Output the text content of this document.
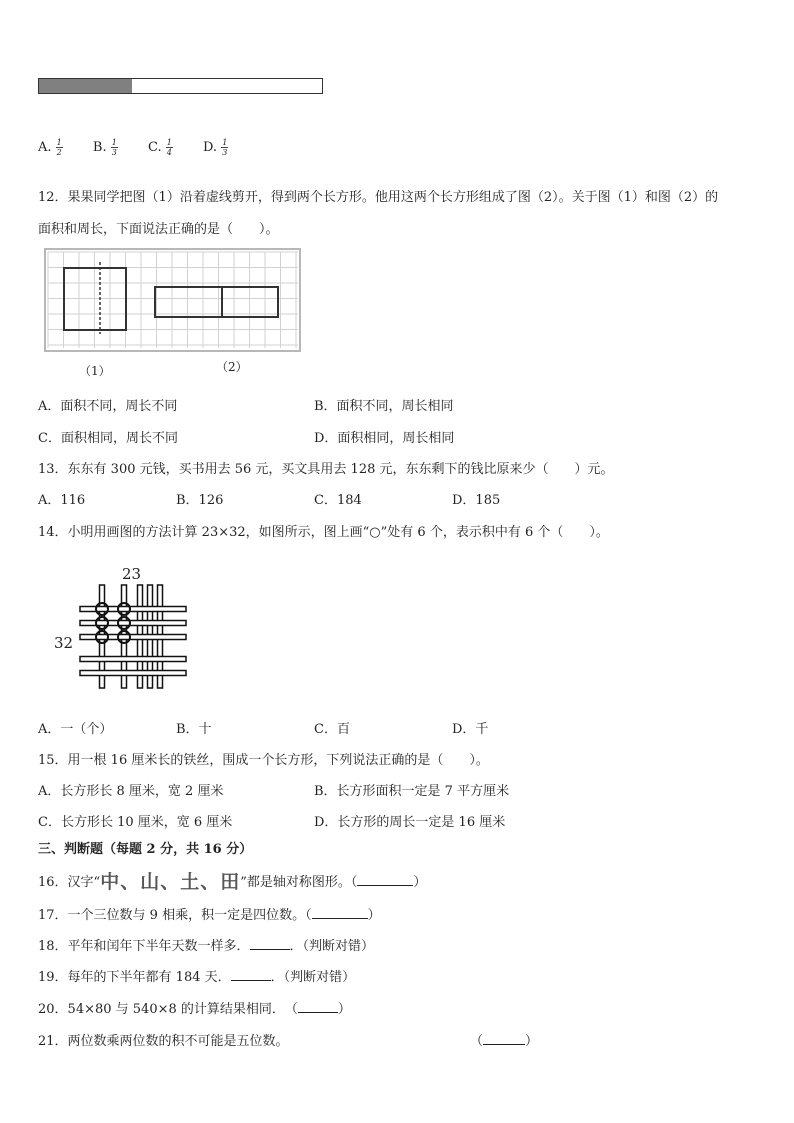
A. $\frac{1}{2} B$. $\frac{1}{3} C$. $\frac{1}{4} D$. $\frac{1}{3}$
12．果果同学把图（1）沿着虚线剪开，得到两个长方形。他用这两个长方形组成了图（2）。关于图（1）和图（2）的
面积和周长，下面说法正确的是（　　）。
（1）	（2）
A．面积不同，周长不同	B．面积不同，周长相同
C．面积相同，周长不同	D．面积相同，周长相同
13．东东有 300 元钱，买书用去 56 元，买文具用去 128 元，东东剩下的钱比原来少（　　）元。
A．116	B．126	C．184	D．185
14．小明用画图的方法计算 23×32，如图所示，图上画“○”处有 6 个，表示积中有 6 个（　　）。
23
32
A．一（个）	B．十	C．百	D．千
15．用一根 16 厘米长的铁丝，围成一个长方形，下列说法正确的是（　　）。
A．长方形长 8 厘米，宽 2 厘米	B．长方形面积一定是 7 平方厘米
C．长方形长 10 厘米，宽 6 厘米	D．长方形的周长一定是 16 厘米
三、判断题（每题 2 分，共 16 分）
16．汉字“中、山、土、田”都是轴对称图形。（	）
17．一个三位数与 9 相乘，积一定是四位数。（	）
18．平年和闰年下半年天数一样多．	．（判断对错）
19．每年的下半年都有 184 天．	．（判断对错）
20．54×80 与 540×8 的计算结果相同．　（	）
21．两位数乘两位数的积不可能是五位数。	（	）
